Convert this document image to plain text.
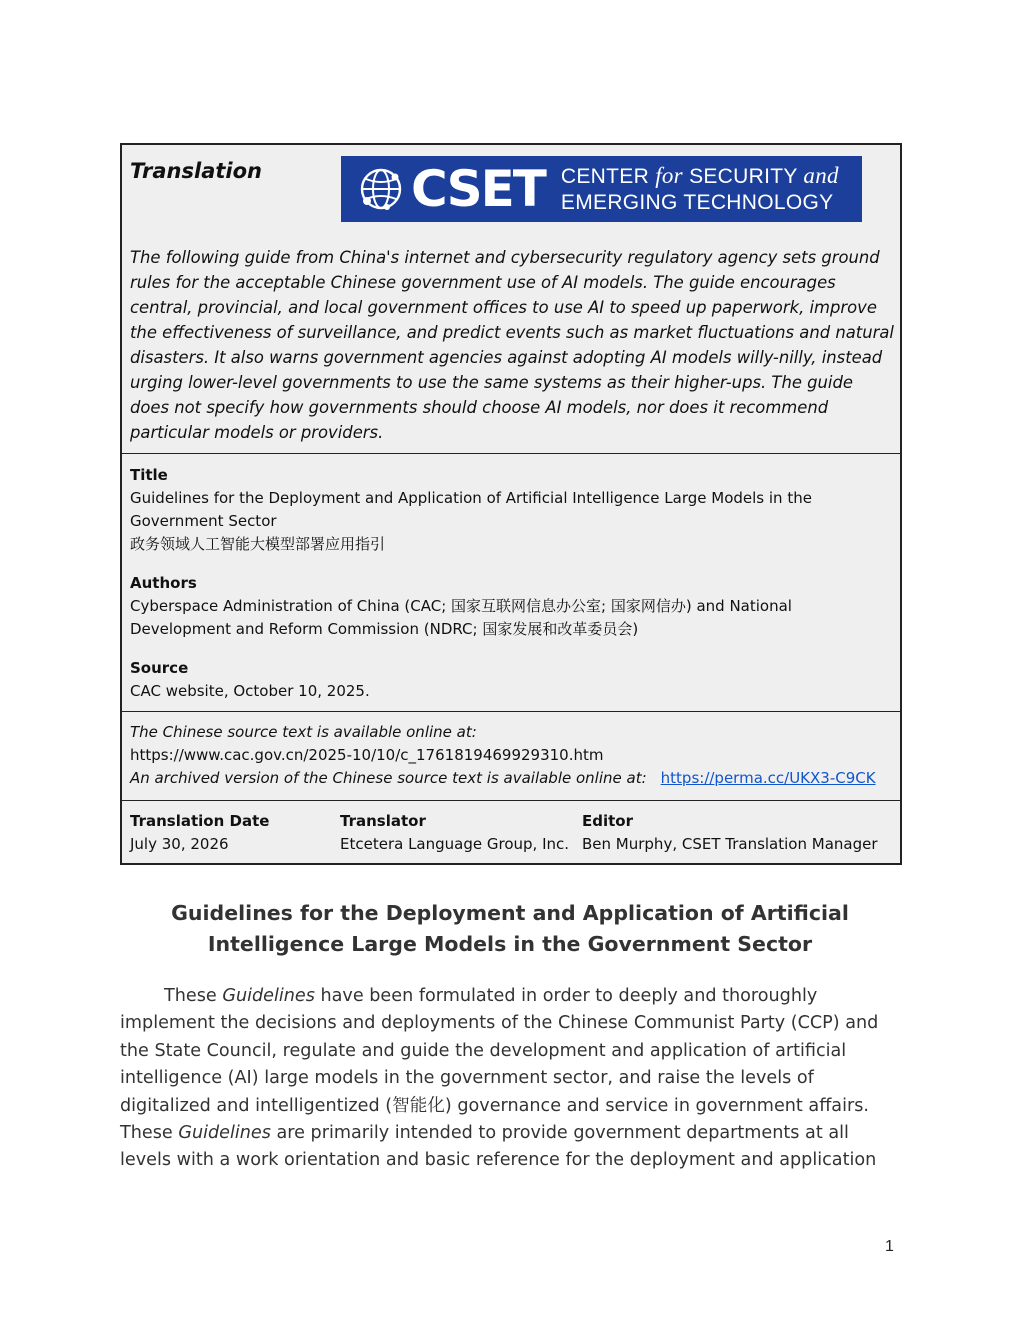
Translation	CSET CENTER for SECURITY and
EMERGING TECHNOLOGY
The following guide from China's internet and cybersecurity regulatory agency sets ground rules for the acceptable Chinese government use of AI models. The guide encourages central, provincial, and local government offices to use AI to speed up paperwork, improve the effectiveness of surveillance, and predict events such as market fluctuations and natural disasters. It also warns government agencies against adopting AI models willy-nilly, instead urging lower-level governments to use the same systems as their higher-ups. The guide does not specify how governments should choose AI models, nor does it recommend particular models or providers.
Title
Guidelines for the Deployment and Application of Artificial Intelligence Large Models in the Government Sector
政务领域人工智能大模型部署应用指引
Authors
Cyberspace Administration of China (CAC; 国家互联网信息办公室; 国家网信办) and National Development and Reform Commission (NDRC; 国家发展和改革委员会)
Source
CAC website, October 10, 2025.
The Chinese source text is available online at:
https://www.cac.gov.cn/2025-10/10/c_1761819469929310.htm
An archived version of the Chinese source text is available online at: https://perma.cc/UKX3-C9CK
Translation Date
July 30, 2026
Translator
Etcetera Language Group, Inc.
Editor
Ben Murphy, CSET Translation Manager
Guidelines for the Deployment and Application of Artificial Intelligence Large Models in the Government Sector
These Guidelines have been formulated in order to deeply and thoroughly implement the decisions and deployments of the Chinese Communist Party (CCP) and the State Council, regulate and guide the development and application of artificial intelligence (AI) large models in the government sector, and raise the levels of digitalized and intelligentized (智能化) governance and service in government affairs. These Guidelines are primarily intended to provide government departments at all levels with a work orientation and basic reference for the deployment and application
1
